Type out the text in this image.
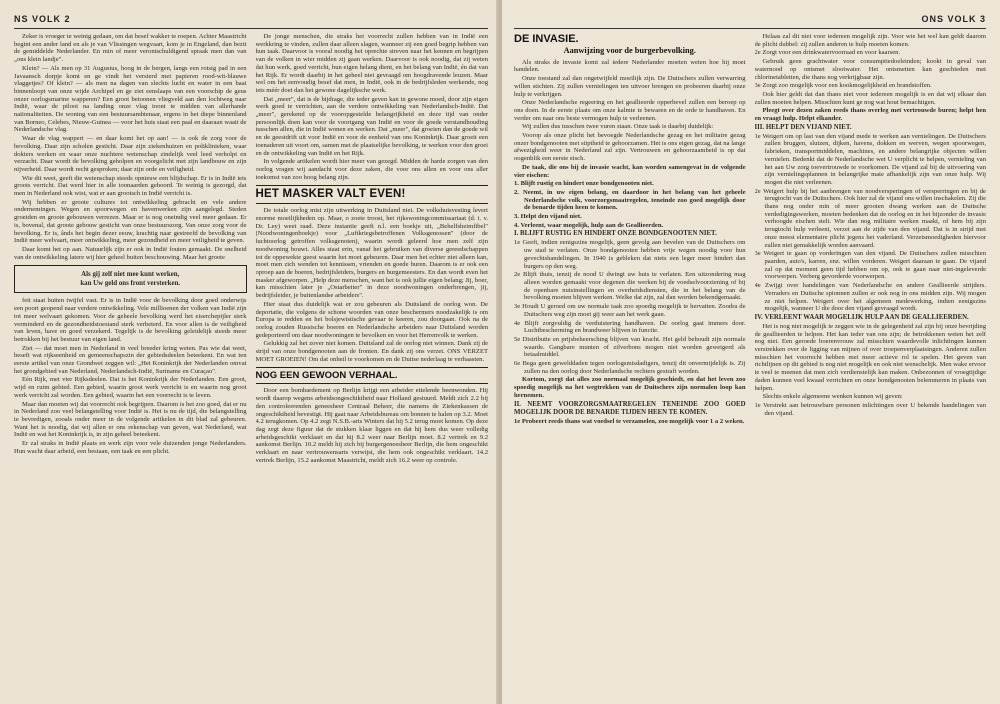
NS VOLK 2

Zeker is vroeger te weinig gedaan, om dat besef wakker te roepen. Achter Maastricht begint een ander land en als je van Vlissingen wegvaart, kom je in Engeland, dan bezit de gemiddelde Nederlander. En min of meer verontschuldigend spraak men dan van „ons klein landje".

Klein? — Als men op 31 Augustus, hoog in de bergen, langs een rotsig pad in een Javaansch dorpje komt en ge vindt het versierd met papieren rood-wit-blauwe vlaggetjes? Of klein? — als men na dagen van slechts lucht en water in een baai binnenloopt van onze wijde Archipel en ge ziet eenslaaps van een voorschip de geus onzer oorlogsmarine wapperen? Een groot betoonen vliegveld aan den lochtweg naar Indië, waar de piloot na landing onze vlag toont te midden van allerhande nationaliteiten. De woning van een bestuursambtenaar, ergens in het diepe binnenland van Borneo, Celebes, Nieuw-Guinea — voor het huis staat een paal en daaraan waait de Nederlandsche vlag.

Waar de vlag wappert — en daar komt het op aan! — is ook de zorg voor de bevolking. Daar zijn scholen gesticht. Daar zijn ziekenhuizen en poliklinieken, waar dokters werken en waar onze nuchtere wetenschap zindelijk veel leed verholpt en verzacht. Daar wordt de bevolking geholpen en voorgelicht met zijn landbouw en zijn nijverheid. Daar wordt recht gesproken; daar zijn orde en veiligheid.

Wie dit weet, geeft die wetenschap steeds opnieuw een blijdschap. Er is in Indië iets groots verricht. Dat werd hier in alle toonaarden gehoord. Te weinig is gezorgd, dat men in Nederland ook wist, wat er aan grootsch in Indië verricht is.

Wij hebben er groote cultures tot ontwikkeling gebracht en vele andere ondernemingen. Wegen en spoorwegen en havenwerken zijn aangelegd. Steden groeiden en groote gebouwen verrezen. Maar er is nog oneindig veel meer gedaan. Er is, bovenal, dat groote gebouw gesticht van onze bestuurszorg. Van onze zorg voor de bevolking. Er is, ânds het begin dezer eeuw, krachtig naar gestreefd de bevolking van Indië meer welvaart, meer ontwikkeling, meer gezondheid en meer veiligheid te geven.

Daar komt het op aan. Natuurlijk zijn er ook in Indië fouten gemaakt. De snelheid van de ontwikkeling latere wij hier geheel buiten beschouwing. Maar het groote

Als gij zelf niet mee kunt werken,
kan Uw geld ons front versterken.

feit staat buiten twijfel vast. Er is in Indië voor de bevolking door goed onderwijs een poort geopend naar verdere ontwikkeling. Vele millioenen der volken van Indië zijn tot meer welvaart gekomen. Voor de geheele bevolking werd het eiserchepijler sterk verminderd en de gezondheidstoestand sterk verbeterd. En voor allen is de veiligheid van leven, have en goed verzekerd. Tegelijk is de bevolking geleidelijk steeds meer betrokken bij het bestuur van eigen land.

Ziet — dat moet men in Nederland in veel breeder kring weten. Pas wie dat weet, beseft wat rijkseenheid en gemeenschapszin der gebiedsdeelen beteekent. En wat ten eerste artikel van onze Grondwet zeggen wil: „Het Koninkrijk der Nederlanden omvat het grondgebied van Nederland, Nederlandsch-Indië, Suriname en Curaçao".

Eén Rijk, met vier Rijksdeelen. Dat is het Koninkrijk der Nederlanden. Een groot, wijd en ruim gebied. Een gebied, waarin groot werk verricht is en waarin nog groot werk verricht zal worden. Een gebied, waarin het een voorrecht is te leven.

Maar dan moeten wij dat voorrecht ook begrijpen. Daarom is het zoo goed, dat er nu in Nederland zoo veel belangstelling voor Indië is. Het is nu de tijd, die belangstelling te bevredigen, zooals onder meer in de volgende artikelen in dit blad zal gebeuren. Want het is noodig, dat wij allen er ons rekenschap van geven, wat Nederland, wat Indië en wat het Koninkrijk is, in zijn geheel beteekent.

Er zal straks in Indië plaats en werk zijn voor vele duizenden jonge Nederlanders. Hun wacht daar arbeid, een bestaan, een taak en een plicht.

De jonge menschen, die straks het voorrecht zullen hebben van in Indië een werkkring te vinden, zullen daar alleen slagen, wanneer zij een goed begrip hebben van hun taak. Daarvoor is vooral noodig het oprechte streven naar het kennen en begrijpen van de volken in wier midden zij gaan werken. Daarvoor is ook noodig, dat zij weten dat hun werk, goed verricht, hun eigen belang dient, en het belang van Indië, én dat van het Rijk. Er wordt daarbij in het geheel niet gevraagd om hoogdravende leuzen. Maar wel om het eenvoudig besef dat men, in Indië, ook in de bedrijfsleden werkende, nog iets méér doet dan het gewone dagelijksche werk.

Dat „meer", dat is de bijdrage, die ieder geven kan in gewone moed, door zijn eigen werk goed te verrichten, aan de verdere ontwikkeling van Nederlandsch-Indië. Dat „meer", gerekend op de vooropgestelde belangrijkheid en deze tijd van onder persoonlijk doen kan voor de voortgang van Indië en voor de goede verstandhouding tusschen allen, die in Indië wonen en werken. Dat „meer", dat groeien dan de goede wil en de geestdrift uit voor Indië en voor de eenheid van ons Koninkrijk. Daar groeit een toenaderen uit voort om, samen met de plaatselijke bevolking, te werken voor den groei en de ontwikkeling van Indië en het Rijk.

In volgende artikelen wordt hier meer van gezegd. Midden de harde zorgen van den oorlog vragen wij aandacht voor deze zaken, die voor ons allen en voor ons aller toekomst van zoo hoog belang zijn.

HET MASKER VALT EVEN!

De totale oorlog mist zijn uitwerking in Duitsland niet. De volkshuisvesting levert enorme moeilijkheden op. Maar, o zoete troost, het rijkswoningcommissariaat (d. i. v. Dr. Ley) weet raad. Deze instantie geeft n.l. een boekje uit, „Behelfsheimfibel" (Noodwoningenboekje) voor „Luftkriegsbetroffenen Volksgenossen" (door de luchtoorlog getroffen volksgenoten), waarin wordt geleerd hoe men zelf zijn noodwoning bouwt. Alles staat erin, vanaf het gebruiken van diverse gereedschappen tot de oppewekte geest waarin het moet gebeuren. Daar men het echter niet alleen kan, moet men zich wenden tot kennissen, vrienden en goede buren. Daarom is er ook een oproep aan de boeren, bedrijfsleiders, burgers en burgemeesters. En dan wordt even het masker afgeworpen. „Help deze menschen, want het is ook jullie eigen belang; Jij, boer, kan misschien later je „Ostarbeiter" in deze noodwoningen onderbrengen, jij, bedrijfsleider, je buitenlandse arbeiders".

Hier staat dus duidelijk wat er zou gebeuren als Duitsland de oorlog won. De deportatie, die volgens de schone woorden van onze beschermers noodzakelijk is om Europa te redden en het bolsjewistische gevaar te keeren, zou doorgaan. Ook na de oorlog zouden Russische boeren en Nederlandsche arbeiders naar Duitsland worden gedeporteerd om daar noodwoningen te bevolken en voor het Herrenvolk te werken.

Gelukkig zal het zover niet komen. Duitsland zal de oorlog niet winnen. Dank zij de strijd van onze bondgenooten aan de fronten. En dank zij ons verzet. ONS VERZET MOET GROEIEN! Om dat onheil te voorkomen en de Duitse nederlaag te verhaasten.

NOG EEN GEWOON VERHAAL.

Door een bombardement op Berlijn krijgt een arbeider ettelende beenwonden. Hij wordt daarop wegens arbeidsongeschiktheid naar Holland gestuurd. Meldt zich 2.2 bij den controleerenden geneesheer Centraal Beheer, die namens de Ziekenkassen de ongeschiktheid bevestigt. Hij gaat naar Arbeidsbureau om bonnen te halen op 3.2. Moet 4.2 terugkomen. Op 4.2 zegt N.S.B.-arts Winters dat hij 5.2 terug moet komen. Op deze dag zegt deze figuur dat de stukken klaar liggen en dat hij hem dus weer volledig arbeidsgeschikt verklaart en dat hij 8.2 weer naar Berlijn moet. 8.2 vertrek en 9.2 aankomst Berlijn. 10.2 meldt hij zich bij burgergeneesheer Berlijn, die hem ongeschikt verklaart en naar vertrouwensarts verwijst, die hem ook ongeschikt verklaart. 14.2 vertrek Berlijn, 15.2 aankomst Maastricht, meldt zich 16.2 weer op controle.

ONS VOLK 3
DE INVASIE.
Aanwijzing voor de burgerbevolking.

Als straks de invasie komt zal iedere Nederlander moeten weten hoe hij moet handelen.

Onze toestand zal dan ongetwijfeld moeilijk zijn. De Duitschers zullen verwarring willen stichten. Zij zullen vernielingen ten uitvoer brengen en probeeren daarbij onze hulp te verkrijgen.

Onze Nederlandsche regeering en het geallieerde opperbevel zullen een beroep op ons doen. In de eerste plaats om onze kalmte te bewaren en de orde te handhaven. En verder om naar ons beste vermogen hulp te verleenen.

Wij zullen dus tusschen twee vuren staan. Onze taak is daarbij duidelijk:

Voorop als onze plicht het bevoegde Nederlandsche gezag en het militaire gezag onzer bondgenooten met stiptheid te gehoorzamen. Het is ons eigen gezag, dat na lange afwezigheid weer in Nederland zal zijn. Vertrouwen en gehoorzaamheid is op dat oogenblik een eerste eisch.

De taak, die ons bij de invasie wacht, kan worden samengevat in de volgende vier eischen:

1. Blijft rustig en hindert onze bondgenooten niet.

2. Neemt, in uw eigen belang, en daardoor in het belang van het geheele Nederlandsche volk, voorzorgsmaatregelen, teneinde zoo goed mogelijk door de benarde tijden heen te komen.

3. Helpt den vijand niet.

4. Verleent, waar mogelijk, hulp aan de Geallieerden.

I. BLIJFT RUSTIG EN HINDERT ONZE BONDGENOOTEN NIET.

1e Geeft, indien eenigszins mogelijk, geen gevolg aan bevelen van de Duitschers om uw stad te verlaten. Onze bondgenooten hebben vrije wegen noodig voor hun gevechtshandelingen. In 1940 is gebleken dat niets een leger meer hindert dan burgers op den weg.

2e Blijft thuis, tenzij de nood U dwingt uw huis te verlaten. Een uitzondering mag alleen worden gemaakt voor degenen die werken bij de voedselvoorziening of bij de openbare nutsinstellingen en overheidsdiensten, die in het belang van de bevolking moeten blijven werken. Welke dat zijn, zal dan worden bekendgemaakt.

3e Houdt U geroed om uw normale taak zoo spoedig mogelijk te hervatten. Zoodra de Duitschers weg zijn moet gij weer aan het werk gaan.

4e Blijft zorgvuldig de verduistering handhaven. De oorlog gaat immers door. Luchtbescherming en brandweer blijven in functie.

5e Distributie en prijsbeheersching blijven van kracht. Het geld behoudt zijn normale waarde. Gangbare munten of zilverbons mogen niet worden geweigerd als betaalmiddel.

6e Bega geen gewelddaden tegen oorlogsmisdadigers, tenzij dit onvermijdelijk is. Zij zullen na den oorlog door Nederlandsche rechters gestraft worden.

Kortom, zorgt dat alles zoo normaal mogelijk geschiedt, en dat het leven zoo spoedig mogelijk na het wegtrekken van de Duitschers zijn normalen loop kan hernemen.

II. NEEMT VOORZORGSMAATREGELEN TENEINDE ZOO GOED MOGELIJK DOOR DE BENARDE TIJDEN HEEN TE KOMEN.

1e Probeert reeds thans wat voedsel te verzamelen, zoo mogelijk voor 1 a 2 weken.

Helaas zal dit niet voor iedereen mogelijk zijn. Voor wie het wel kan geldt daarom de plicht dubbel: zij zullen anderen te hulp moeten komen.

2e Zorgt voor een drinkwatervoorraad en voor kaarsen.

Gebruik geen grachtwater voor consumptiedoeleinden; kookt in geval van waternood op ontsmet slootwater. Het ontsmetten kan geschieden met chlorinetabletten, die thans nog verkrijgbaar zijn.

3e Zorgt zoo mogelijk voor een kookmogelijkheid en brandstoffen.

Ook hier geldt dat dan thans niet voor iedereen mogelijk is en dat wij elkaar dan zullen moeten helpen. Misschien kunt ge nog wat hout bemachtigen.

Pleegt over dezen zaken reeds thans overleg met vertrouwde buren; helpt hen en vraagt hulp. Helpt elkander.

III. HELPT DEN VIJAND NIET.

1e Weigert om op last van den vijand mede te werken aan vernielingen. De Duitschers zullen bruggen, sluizen, dijken, havens, dokken en werven, wegen spoorwegen, fabrieken, transportmiddelen, machines, en andere belangrijke objecten willen vernielen. Bedenkt dat de Nederlandsche wet U verplicht te helpen, vernieling van het aan Uw zorg toevertrouwde te voorkomen. De vijand zal bij de uitvoering van zijn vernielingsplannen in belangrijke mate afhankelijk zijn van onze hulp. Wij mogen die niet verleenen.

2e Weigert hulp bij het aanbrengen van noodversperingen of versperringen en bij de terugtocht van de Duitschers. Ook hier zal de vijand ons willen inschakelen. Zij die thans nog onder min of meer grooten dwang werken aan de Duitsche verdedigingswerken, moeten bedenken dat de oorlog en in het bijzonder de invasie verhoogde eischen stelt. Wie dan nog militaire werken maakt, of hem bij zijn terugtocht hulp verleent, verzet aan de zijde van den vijand. Dat is in strijd met onze meest elementaire plicht jegens het vaderland. Verzetsmoedigheden hiervoor zullen niet gemakkelijk worden aanvaard.

3e Weigert te gaan op vorderingen van den vijand. De Duitschers zullen misschien paarden, auto's, karren, enz. willen vorderen. Weigert daaraan te gaan. De vijand zal op dat moment geen tijd hebben om op, ook te gaan naar niet-ingeleverde voorwerpen. Verberg gevorderde voorwerpen.

4e Zwijgt over handelingen van Nederlandsche en andere Geallieerde strijders. Verraders en Duitsche spionnen zullen er ook nog in ons midden zijn. Wij mogen ze niet helpen. Weigert over het algemeen medewerking, indien eenigszins mogelijk, wanneer U die door den vijand gevraagd wordt.

IV. VERLEENT WAAR MOGELIJK HULP AAN DE GEALLIEERDEN.

Het is nog niet mogelijk te zeggen wie in de gelegenheid zal zijn bij onze bevrijding de geallieerden te helpen. Het kan ieder van ons zijn; de betrokkenen weten het zelf nog niet. Een geroede boerenvrouw zal misschien waardevolle inlichtingen kunnen verstrekken over de ligging van mijnen of over troepenverplaatsingen. Anderen zullen misschien het voorrecht hebben met meer actieve rol te spelen. Het geven van richtlijnen op dit gebied is nog niet mogelijk en ook niet wenschelijk. Men wake ervoor te veel te meenen dat men zich verdienstelijk kan maken. Onbezonnen of vroegtijdige daden kunnen veel kwaad verrichten en onze bondgenooten belemmeren in plaats van helpen.

Slechts enkele algemeene wenken kunnen wij geven:

1e Verstrekt aan betrouwbare personen inlichtingen over U bekende handelingen van den vijand.
